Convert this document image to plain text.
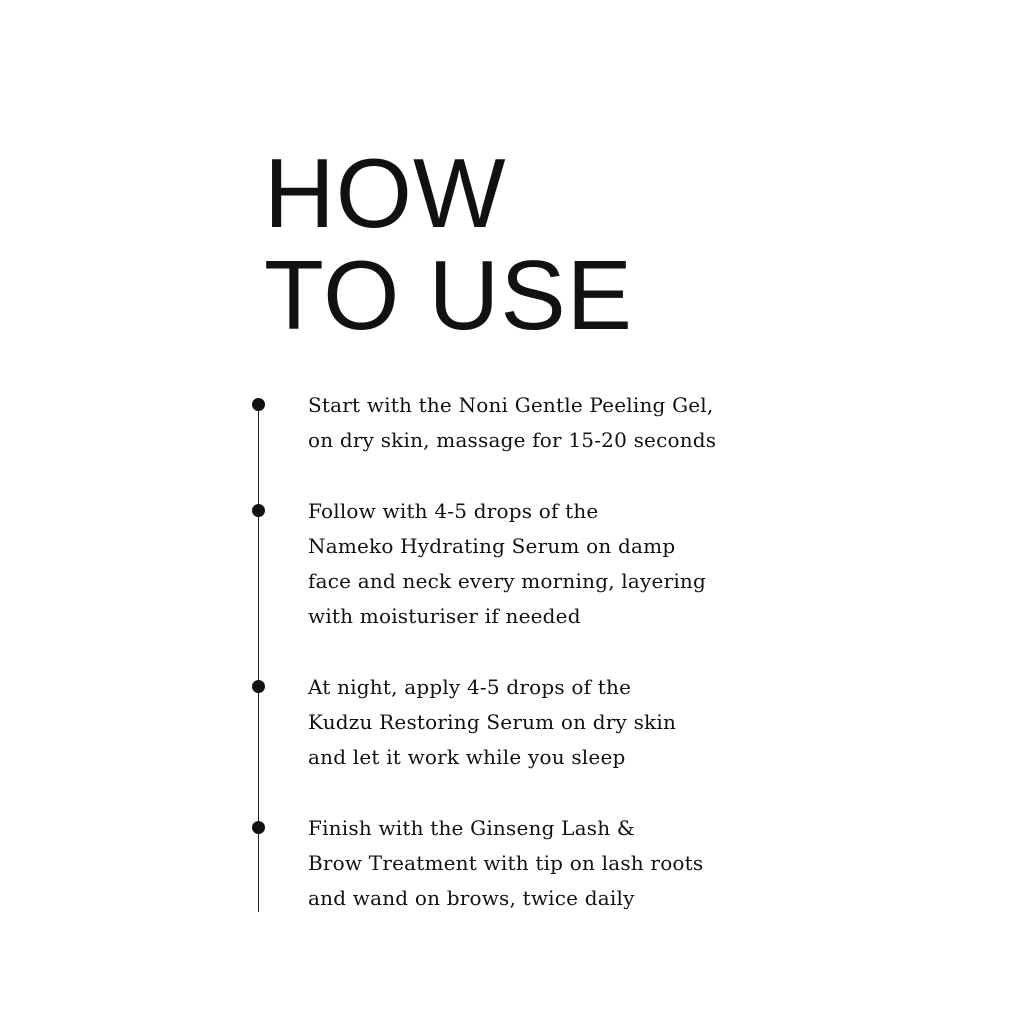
HOW
TO USE
Start with the Noni Gentle Peeling Gel,
on dry skin, massage for 15-20 seconds
Follow with 4-5 drops of the
Nameko Hydrating Serum on damp
face and neck every morning, layering
with moisturiser if needed
At night, apply 4-5 drops of the
Kudzu Restoring Serum on dry skin
and let it work while you sleep
Finish with the Ginseng Lash &
Brow Treatment with tip on lash roots
and wand on brows, twice daily
